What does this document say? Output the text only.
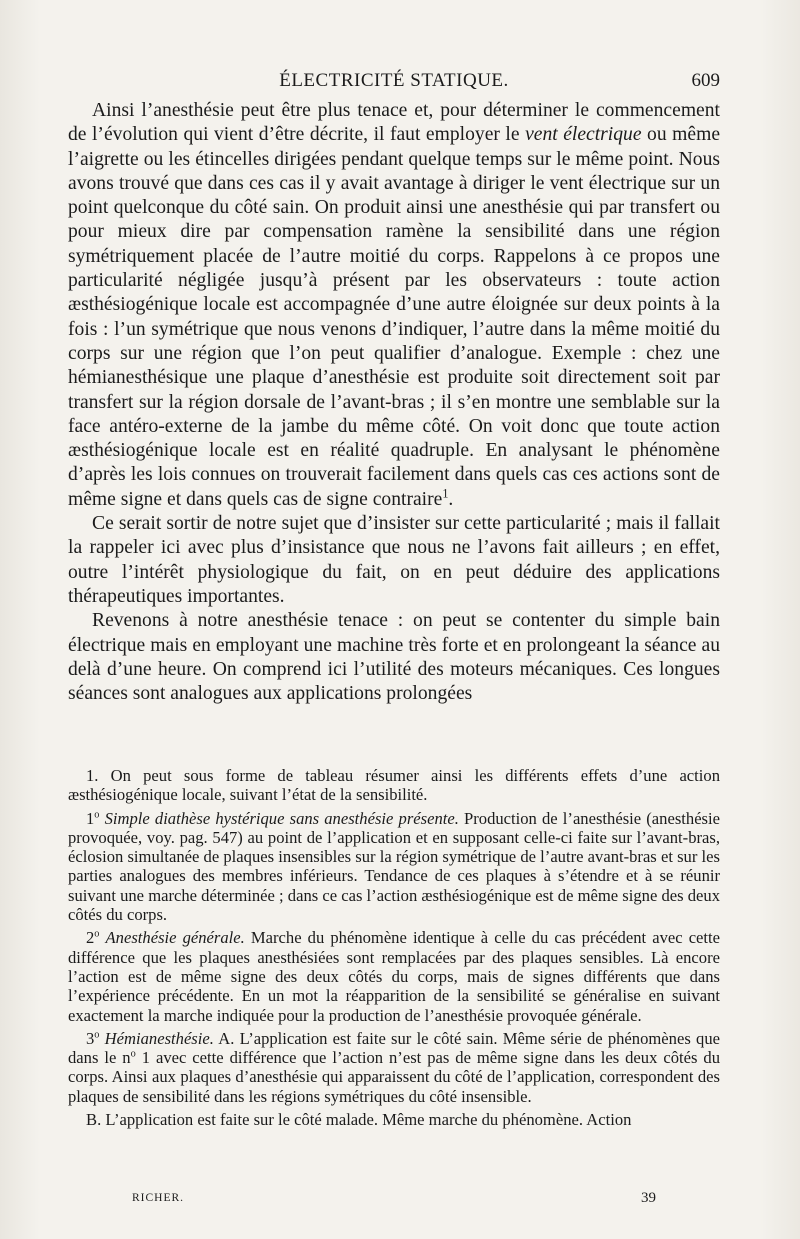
ÉLECTRICITÉ STATIQUE.	609

Ainsi l’anesthésie peut être plus tenace et, pour déterminer le commencement de l’évolution qui vient d’être décrite, il faut employer le vent électrique ou même l’aigrette ou les étincelles dirigées pendant quelque temps sur le même point. Nous avons trouvé que dans ces cas il y avait avantage à diriger le vent électrique sur un point quelconque du côté sain. On produit ainsi une anesthésie qui par transfert ou pour mieux dire par compensation ramène la sensibilité dans une région symétriquement placée de l’autre moitié du corps. Rappelons à ce propos une particularité négligée jusqu’à présent par les observateurs : toute action æsthésiogénique locale est accompagnée d’une autre éloignée sur deux points à la fois : l’un symétrique que nous venons d’indiquer, l’autre dans la même moitié du corps sur une région que l’on peut qualifier d’analogue. Exemple : chez une hémianesthésique une plaque d’anesthésie est produite soit directement soit par transfert sur la région dorsale de l’avant-bras ; il s’en montre une semblable sur la face antéro-externe de la jambe du même côté. On voit donc que toute action æsthésiogénique locale est en réalité quadruple. En analysant le phénomène d’après les lois connues on trouverait facilement dans quels cas ces actions sont de même signe et dans quels cas de signe contraire$^1$.

Ce serait sortir de notre sujet que d’insister sur cette particularité ; mais il fallait la rappeler ici avec plus d’insistance que nous ne l’avons fait ailleurs ; en effet, outre l’intérêt physiologique du fait, on en peut déduire des applications thérapeutiques importantes.

Revenons à notre anesthésie tenace : on peut se contenter du simple bain électrique mais en employant une machine très forte et en prolongeant la séance au delà d’une heure. On comprend ici l’utilité des moteurs mécaniques. Ces longues séances sont analogues aux applications prolongées

1. On peut sous forme de tableau résumer ainsi les différents effets d’une action æsthésiogénique locale, suivant l’état de la sensibilité.

1$^o$ Simple diathèse hystérique sans anesthésie présente. Production de l’anesthésie (anesthésie provoquée, voy. pag. 547) au point de l’application et en supposant celle-ci faite sur l’avant-bras, éclosion simultanée de plaques insensibles sur la région symétrique de l’autre avant-bras et sur les parties analogues des membres inférieurs. Tendance de ces plaques à s’étendre et à se réunir suivant une marche déterminée ; dans ce cas l’action æsthésiogénique est de même signe des deux côtés du corps.

2$^o$ Anesthésie générale. Marche du phénomène identique à celle du cas précédent avec cette différence que les plaques anesthésiées sont remplacées par des plaques sensibles. Là encore l’action est de même signe des deux côtés du corps, mais de signes différents que dans l’expérience précédente. En un mot la réapparition de la sensibilité se généralise en suivant exactement la marche indiquée pour la production de l’anesthésie provoquée générale.

3$^o$ Hémianesthésie. A. L’application est faite sur le côté sain. Même série de phénomènes que dans le $n^o$ 1 avec cette différence que l’action n’est pas de même signe dans les deux côtés du corps. Ainsi aux plaques d’anesthésie qui apparaissent du côté de l’application, correspondent des plaques de sensibilité dans les régions symétriques du côté insensible.

B. L’application est faite sur le côté malade. Même marche du phénomène. Action

RICHER.	39
